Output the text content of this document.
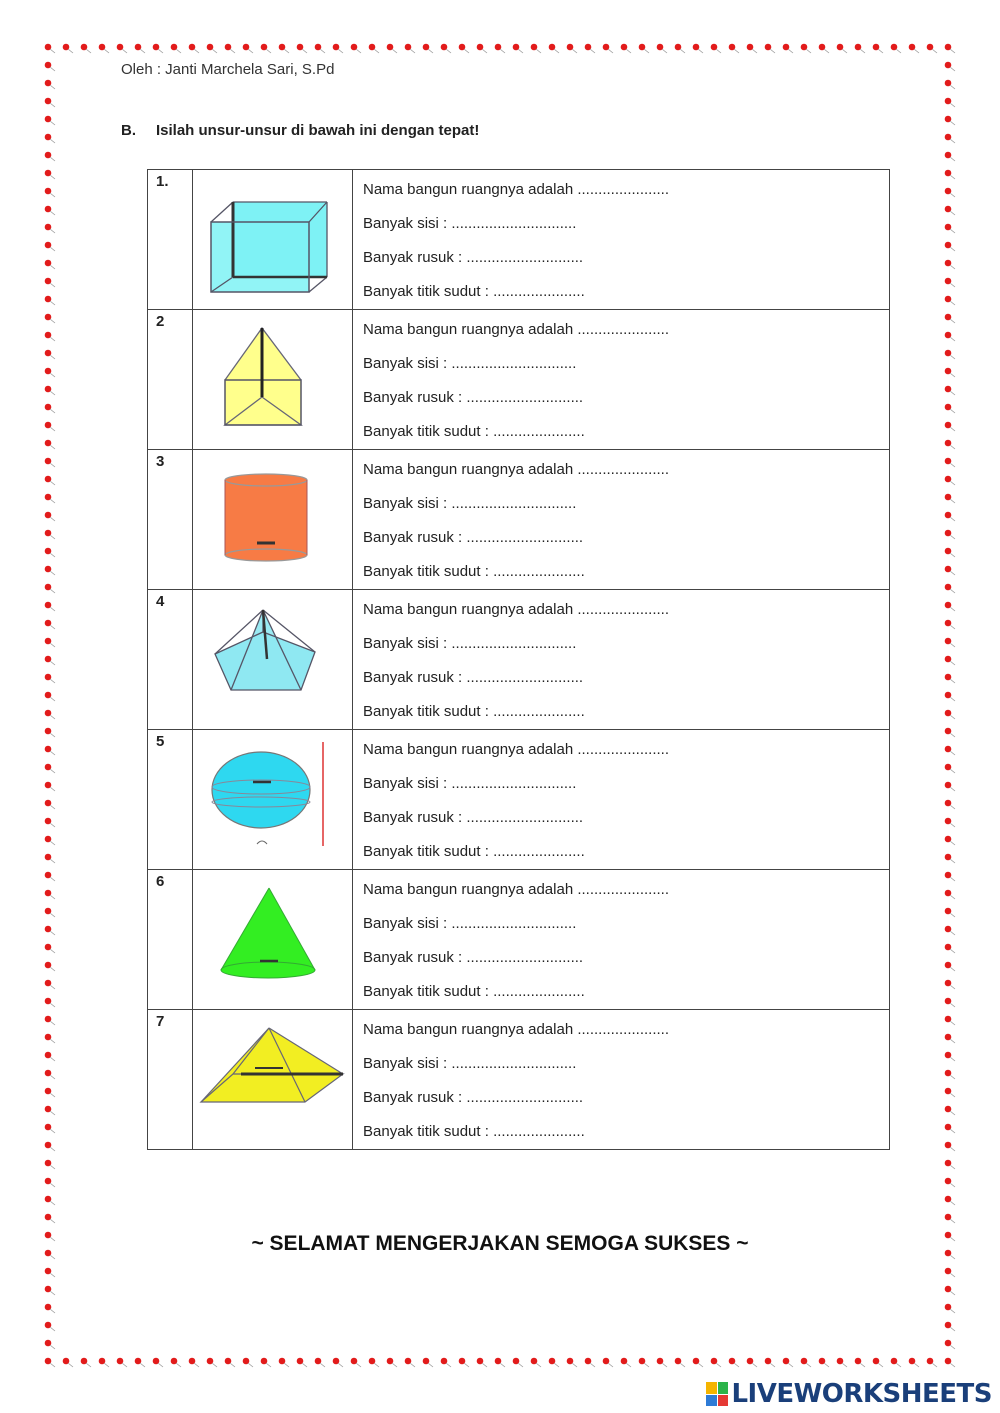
Oleh : Janti Marchela Sari, S.Pd
B. Isilah unsur-unsur di bawah ini dengan tepat!
1.		Nama bangun ruangnya adalah ......................
Banyak sisi : ..............................
Banyak rusuk : ............................
Banyak titik sudut : ......................

2		Nama bangun ruangnya adalah ......................
Banyak sisi : ..............................
Banyak rusuk : ............................
Banyak titik sudut : ......................

3		Nama bangun ruangnya adalah ......................
Banyak sisi : ..............................
Banyak rusuk : ............................
Banyak titik sudut : ......................

4		Nama bangun ruangnya adalah ......................
Banyak sisi : ..............................
Banyak rusuk : ............................
Banyak titik sudut : ......................

5		Nama bangun ruangnya adalah ......................
Banyak sisi : ..............................
Banyak rusuk : ............................
Banyak titik sudut : ......................

6		Nama bangun ruangnya adalah ......................
Banyak sisi : ..............................
Banyak rusuk : ............................
Banyak titik sudut : ......................

7		Nama bangun ruangnya adalah ......................
Banyak sisi : ..............................
Banyak rusuk : ............................
Banyak titik sudut : ......................
~ SELAMAT MENGERJAKAN SEMOGA SUKSES ~
LIVEWORKSHEETS
